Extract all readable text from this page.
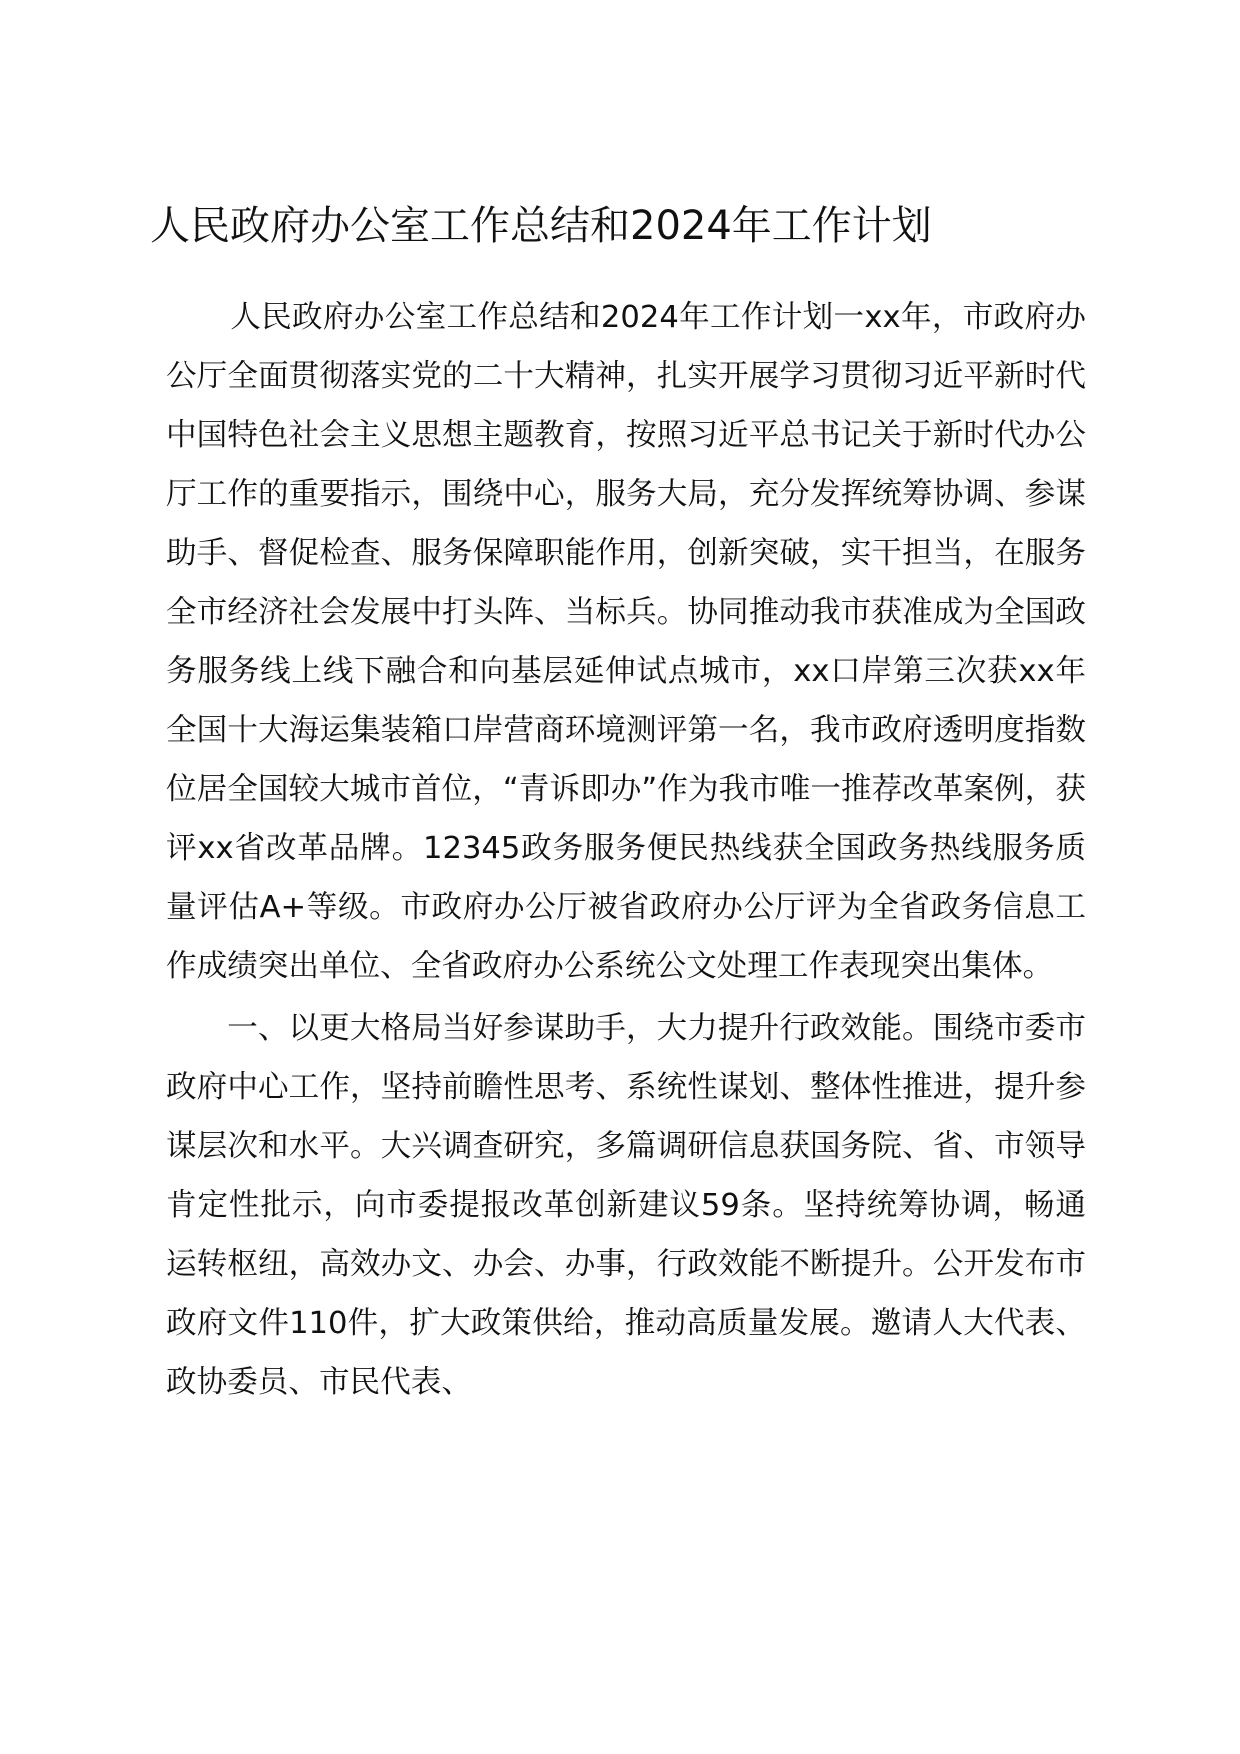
人民政府办公室工作总结和2024年工作计划

人民政府办公室工作总结和2024年工作计划一xx年，市政府办公厅全面贯彻落实党的二十大精神，扎实开展学习贯彻习近平新时代中国特色社会主义思想主题教育，按照习近平总书记关于新时代办公厅工作的重要指示，围绕中心，服务大局，充分发挥统筹协调、参谋助手、督促检查、服务保障职能作用，创新突破，实干担当，在服务全市经济社会发展中打头阵、当标兵。协同推动我市获准成为全国政务服务线上线下融合和向基层延伸试点城市，xx口岸第三次获xx年全国十大海运集装箱口岸营商环境测评第一名，我市政府透明度指数位居全国较大城市首位，“青诉即办”作为我市唯一推荐改革案例，获评xx省改革品牌。12345政务服务便民热线获全国政务热线服务质量评估A+等级。市政府办公厅被省政府办公厅评为全省政务信息工作成绩突出单位、全省政府办公系统公文处理工作表现突出集体。

一、以更大格局当好参谋助手，大力提升行政效能。围绕市委市政府中心工作，坚持前瞻性思考、系统性谋划、整体性推进，提升参谋层次和水平。大兴调查研究，多篇调研信息获国务院、省、市领导肯定性批示，向市委提报改革创新建议59条。坚持统筹协调，畅通运转枢纽，高效办文、办会、办事，行政效能不断提升。公开发布市政府文件110件，扩大政策供给，推动高质量发展。邀请人大代表、政协委员、市民代表、
